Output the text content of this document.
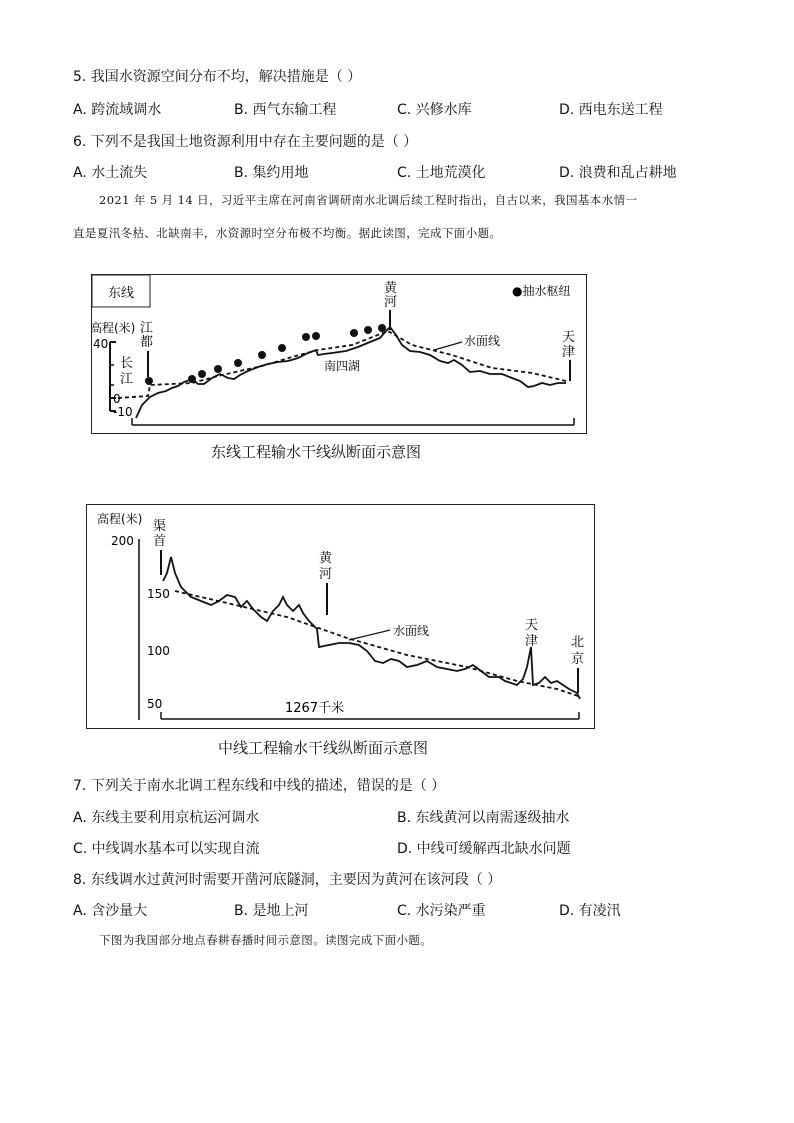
5. 我国水资源空间分布不均，解决措施是（ ）
A. 跨流域调水	B. 西气东输工程	C. 兴修水库	D. 西电东送工程
6. 下列不是我国土地资源利用中存在主要问题的是（ ）
A. 水土流失	B. 集约用地	C. 土地荒漠化	D. 浪费和乱占耕地
2021 年 5 月 14 日，习近平主席在河南省调研南水北调后续工程时指出，自古以来，我国基本水情一
直是夏汛冬枯、北缺南丰，水资源时空分布极不均衡。据此读图，完成下面小题。
东线	●抽水枢纽
高程(米) 江
都
40
0
-10
长
江
黄
河
天
津
水面线
南四湖
东线工程输水干线纵断面示意图
高程(米) 渠
首
200
150
100
50	1267千米
黄
河
水面线	天
津	北
京
中线工程输水干线纵断面示意图
7. 下列关于南水北调工程东线和中线的描述，错误的是（ ）
A. 东线主要利用京杭运河调水	B. 东线黄河以南需逐级抽水
C. 中线调水基本可以实现自流	D. 中线可缓解西北缺水问题
8. 东线调水过黄河时需要开凿河底隧洞，主要因为黄河在该河段（ ）
A. 含沙量大	B. 是地上河	C. 水污染严重	D. 有凌汛
下图为我国部分地点春耕春播时间示意图。读图完成下面小题。
